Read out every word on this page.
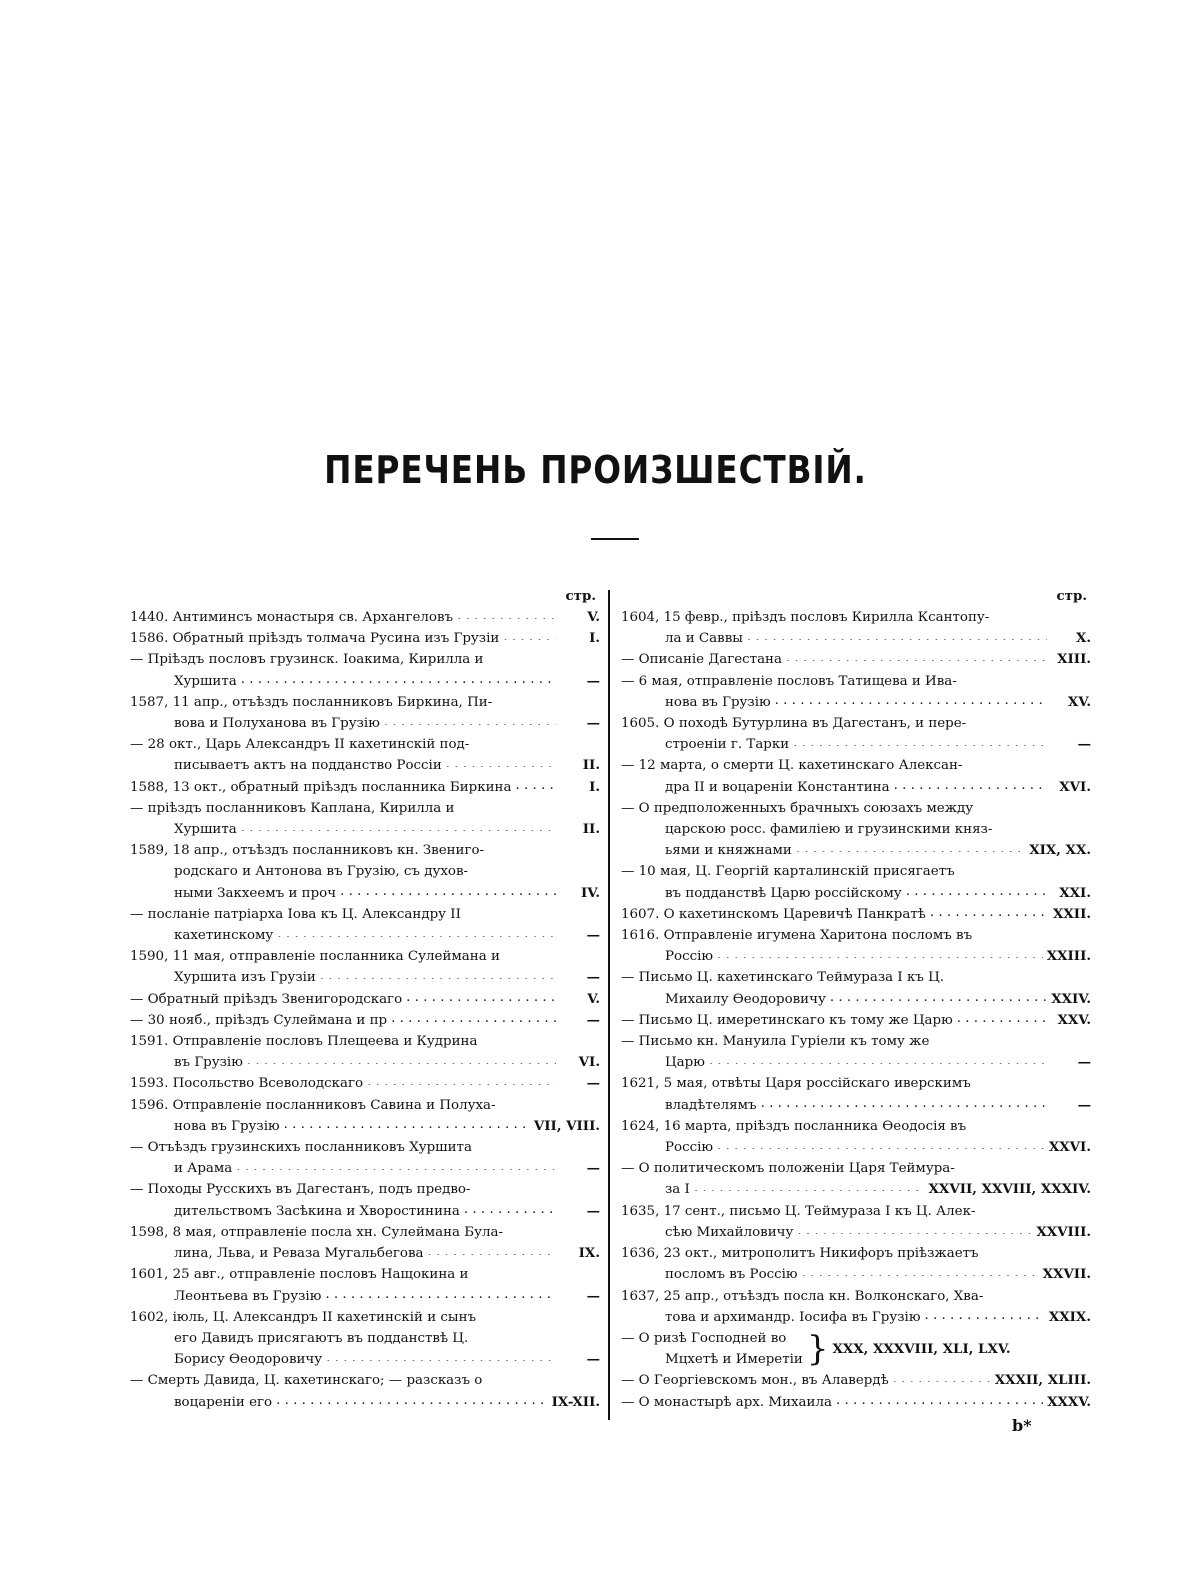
ПЕРЕЧЕНЬ ПРОИЗШЕСТВІЙ.
стр.
1440. Антиминсъ монастыря св. Архангеловъ . . .	V.
1586. Обратный пріѣздъ толмача Русина изъ Грузіи . . .	I.
— Пріѣздъ пословъ грузинск. Іоакима, Кирилла и
Хуршита . . .	—
1587, 11 апр., отъѣздъ посланниковъ Биркина, Пи-
вова и Полуханова въ Грузію . . .	—
— 28 окт., Царь Александръ II кахетинскій под-
писываетъ актъ на подданство Россіи . . .	II.
1588, 13 окт., обратный пріѣздъ посланника Биркина . . .	I.
— пріѣздъ посланниковъ Каплана, Кирилла и
Хуршита . . .	II.
1589, 18 апр., отъѣздъ посланниковъ кн. Звениго-
родскаго и Антонова въ Грузію, съ духов-
ными Закхеемъ и проч . . .	IV.
— посланіе патріарха Іова къ Ц. Александру II
кахетинскому . . .	—
1590, 11 мая, отправленіе посланника Сулеймана и
Хуршита изъ Грузіи . . .	—
— Обратный пріѣздъ Звенигородскаго . . .	V.
— 30 нояб., пріѣздъ Сулеймана и пр . . .	—
1591. Отправленіе пословъ Плещеева и Кудрина
въ Грузію . . .	VI.
1593. Посольство Всеволодскаго . . .	—
1596. Отправленіе посланниковъ Савина и Полуха-
нова въ Грузію . . .	VII, VIII.
— Отъѣздъ грузинскихъ посланниковъ Хуршита
и Арама . . .	—
— Походы Русскихъ въ Дагестанъ, подъ предво-
дительствомъ Засѣкина и Хворостинина . . .	—
1598, 8 мая, отправленіе посла хн. Сулеймана Була-
лина, Льва, и Реваза Мугальбегова . . .	IX.
1601, 25 авг., отправленіе пословъ Нащокина и
Леонтьева въ Грузію . . .	—
1602, іюль, Ц. Александръ II кахетинскій и сынъ
его Давидъ присягаютъ въ подданствѣ Ц.
Борису Ѳеодоровичу . . .	—
— Смерть Давида, Ц. кахетинскаго; — разсказъ о
воцареніи его . . .	IX-XII.
стр.
1604, 15 февр., пріѣздъ пословъ Кирилла Ксантопу-
ла и Саввы . . .	X.
— Описаніе Дагестана . . .	XIII.
— 6 мая, отправленіе пословъ Татищева и Ива-
нова въ Грузію . . .	XV.
1605. О походѣ Бутурлина въ Дагестанъ, и пере-
строеніи г. Тарки . . .	—
— 12 марта, о смерти Ц. кахетинскаго Алексан-
дра II и воцареніи Константина . . .	XVI.
— О предположенныхъ брачныхъ союзахъ между
царскою росс. фамиліею и грузинскими княз-
ьями и княжнами . . .	XIX, XX.
— 10 мая, Ц. Георгій карталинскій присягаетъ
въ подданствѣ Царю россійскому . . .	XXI.
1607. О кахетинскомъ Царевичѣ Панкратѣ . . .	XXII.
1616. Отправленіе игумена Харитона посломъ въ
Россію . . .	XXIII.
— Письмо Ц. кахетинскаго Теймураза I къ Ц.
Михаилу Ѳеодоровичу . . .	XXIV.
— Письмо Ц. имеретинскаго къ тому же Царю . . .	XXV.
— Письмо кн. Мануила Гуріели къ тому же
Царю . . .	—
1621, 5 мая, отвѣты Царя россійскаго иверскимъ
владѣтелямъ . . .	—
1624, 16 марта, пріѣздъ посланника Ѳеодосія въ
Россію . . .	XXVI.
— О политическомъ положеніи Царя Теймура-
за I . . .	XXVII, XXVIII, XXXIV.
1635, 17 сент., письмо Ц. Теймураза I къ Ц. Алек-
сѣю Михайловичу . . .	XXVIII.
1636, 23 окт., митрополитъ Никифоръ пріѣзжаетъ
посломъ въ Россію . . .	XXVII.
1637, 25 апр., отъѣздъ посла кн. Волконскаго, Хва-
това и архимандр. Іосифа въ Грузію . . .	XXIX.
— О ризѣ Господней во
Мцхетѣ и Имеретіи } XXX, XXXVIII, XLI, LXV.
— О Георгіевскомъ мон., въ Алавердѣ . . .	XXXII, XLIII.
— О монастырѣ арх. Михаила . . .	XXXV.
b*
